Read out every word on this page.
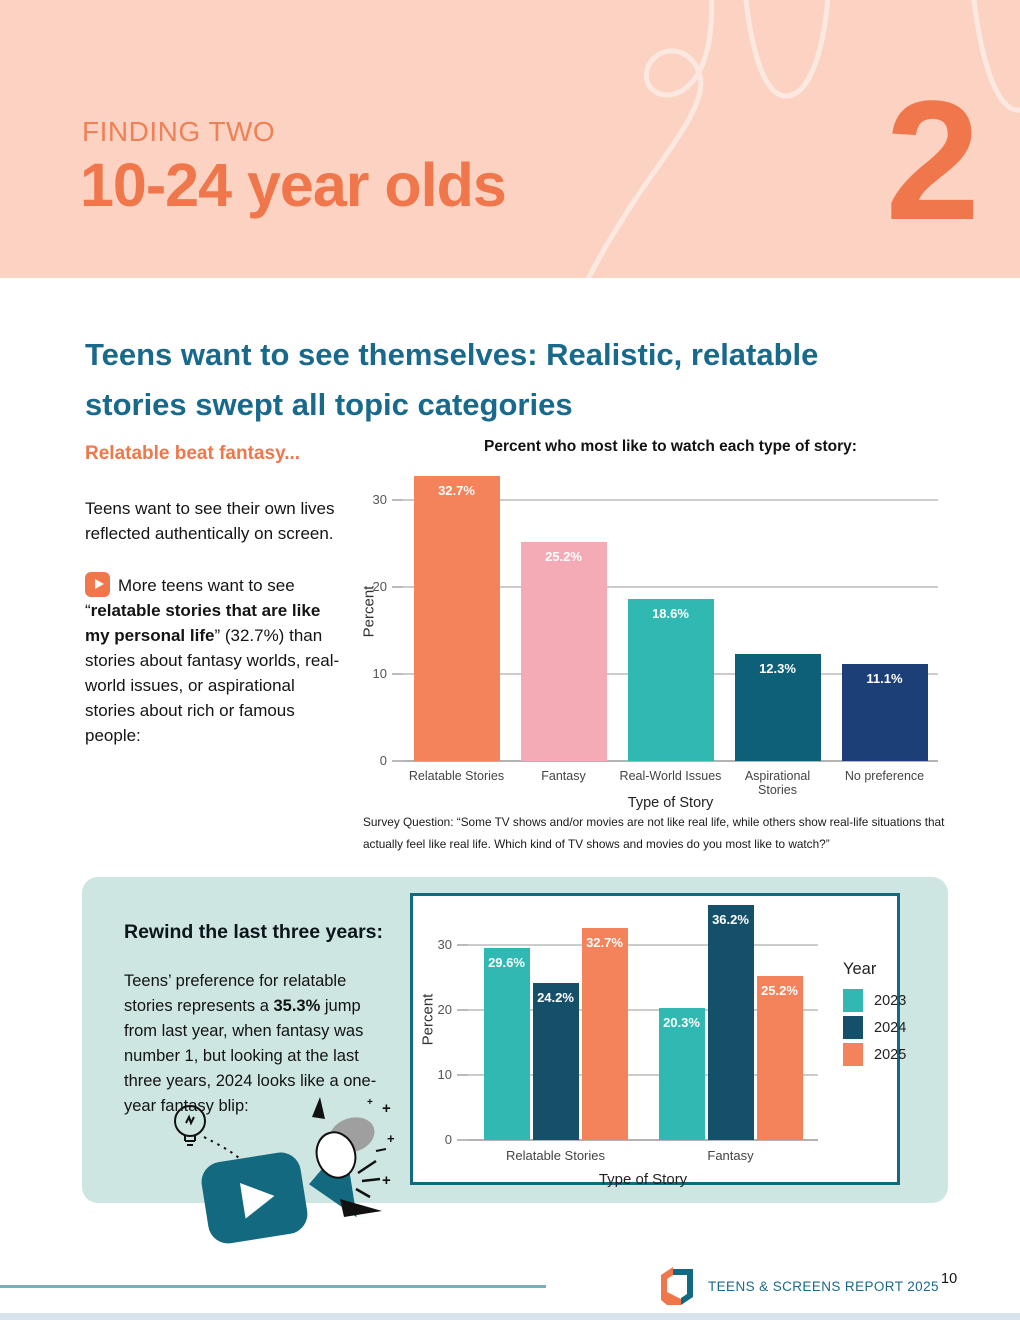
FINDING TWO
10-24 year olds 2
Teens want to see themselves: Realistic, relatable
stories swept all topic categories
Relatable beat fantasy...

Teens want to see their own lives reflected authentically on screen.

More teens want to see “relatable stories that are like my personal life” (32.7%) than stories about fantasy worlds, real-world issues, or aspirational stories about rich or famous people:

Percent who most like to watch each type of story:
Percent
Type of Story
0
10
20
30
32.7%
Relatable Stories
25.2%
Fantasy
18.6%
Real-World Issues
12.3%
Aspirational Stories
11.1%
No preference
Survey Question: “Some TV shows and/or movies are not like real life, while others show real-life situations that actually feel like real life. Which kind of TV shows and movies do you most like to watch?”
Rewind the last three years:
Teens’ preference for relatable stories represents a 35.3% jump from last year, when fantasy was number 1, but looking at the last three years, 2024 looks like a one-year fantasy blip:
Percent
Type of Story
0
10
20
30
29.6%
24.2%
32.7%
Relatable Stories
20.3%
36.2%
25.2%
Fantasy
Year
2023
2024
2025
+
+
+
+
TEENS & SCREENS REPORT 2025 10
